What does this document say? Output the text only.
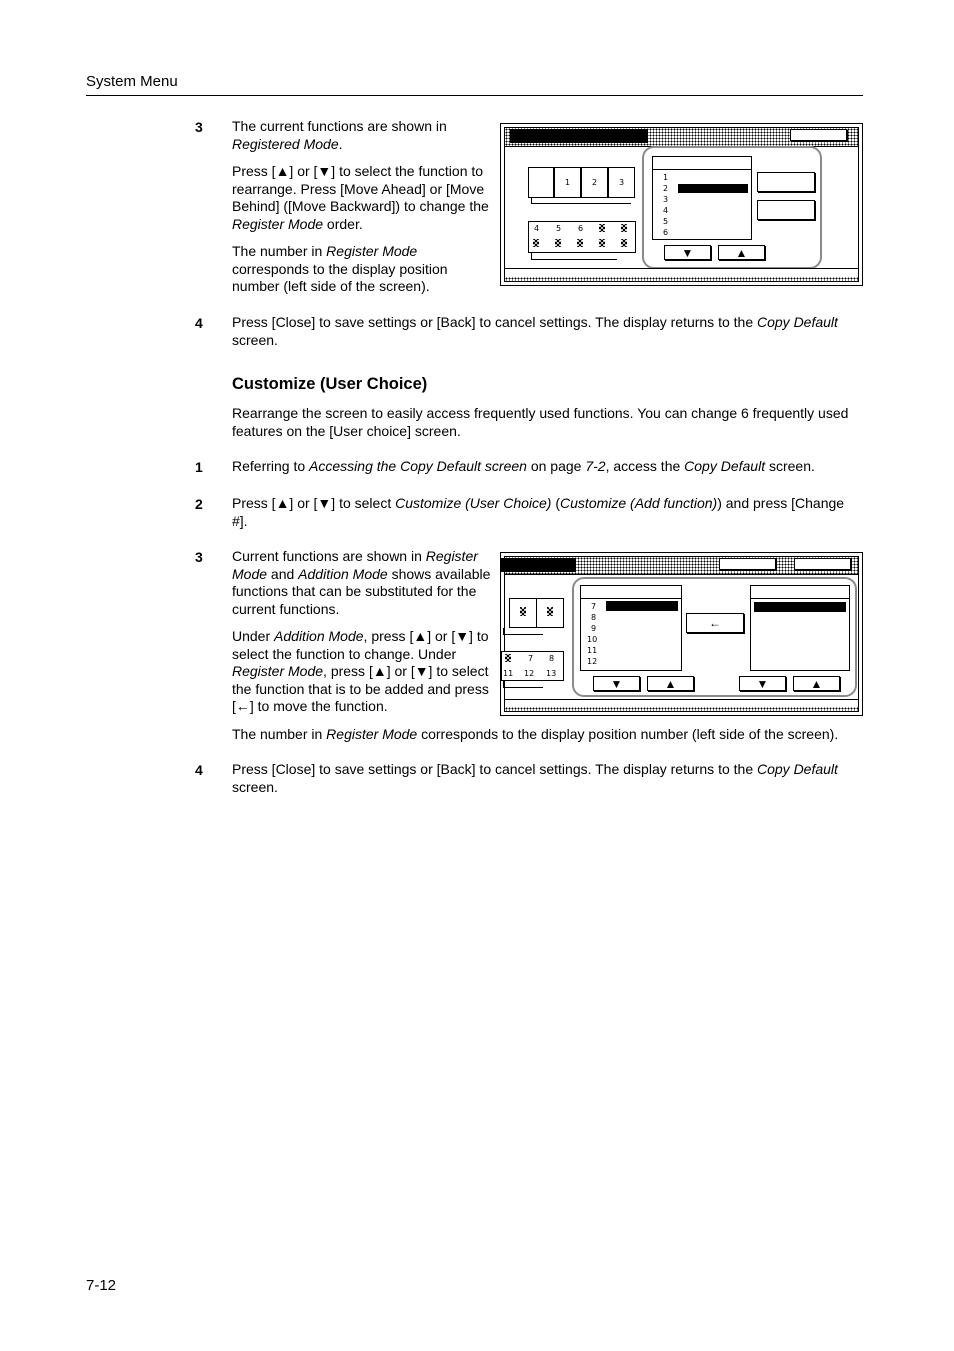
System Menu
3 The current functions are shown in Registered Mode.
Press [▲] or [▼] to select the function to rearrange. Press [Move Ahead] or [Move Behind] ([Move Backward]) to change the Register Mode order.
The number in Register Mode corresponds to the display position number (left side of the screen).
1	2	3
4 5 6
1
2
3
4
5
6
▼	▲
4 Press [Close] to save settings or [Back] to cancel settings. The display returns to the Copy Default screen.
Customize (User Choice)
Rearrange the screen to easily access frequently used functions. You can change 6 frequently used features on the [User choice] screen.
1 Referring to Accessing the Copy Default screen on page 7-2, access the Copy Default screen.
2 Press [▲] or [▼] to select Customize (User Choice) (Customize (Add function)) and press [Change #].
3 Current functions are shown in Register Mode and Addition Mode shows available functions that can be substituted for the current functions.
Under Addition Mode, press [▲] or [▼] to select the function to change. Under Register Mode, press [▲] or [▼] to select the function that is to be added and press [←] to move the function.
7 8
11 12 13
7
8
9
10
11
12
←
▼	▲	▼	▲
The number in Register Mode corresponds to the display position number (left side of the screen).
4 Press [Close] to save settings or [Back] to cancel settings. The display returns to the Copy Default screen.
7-12
